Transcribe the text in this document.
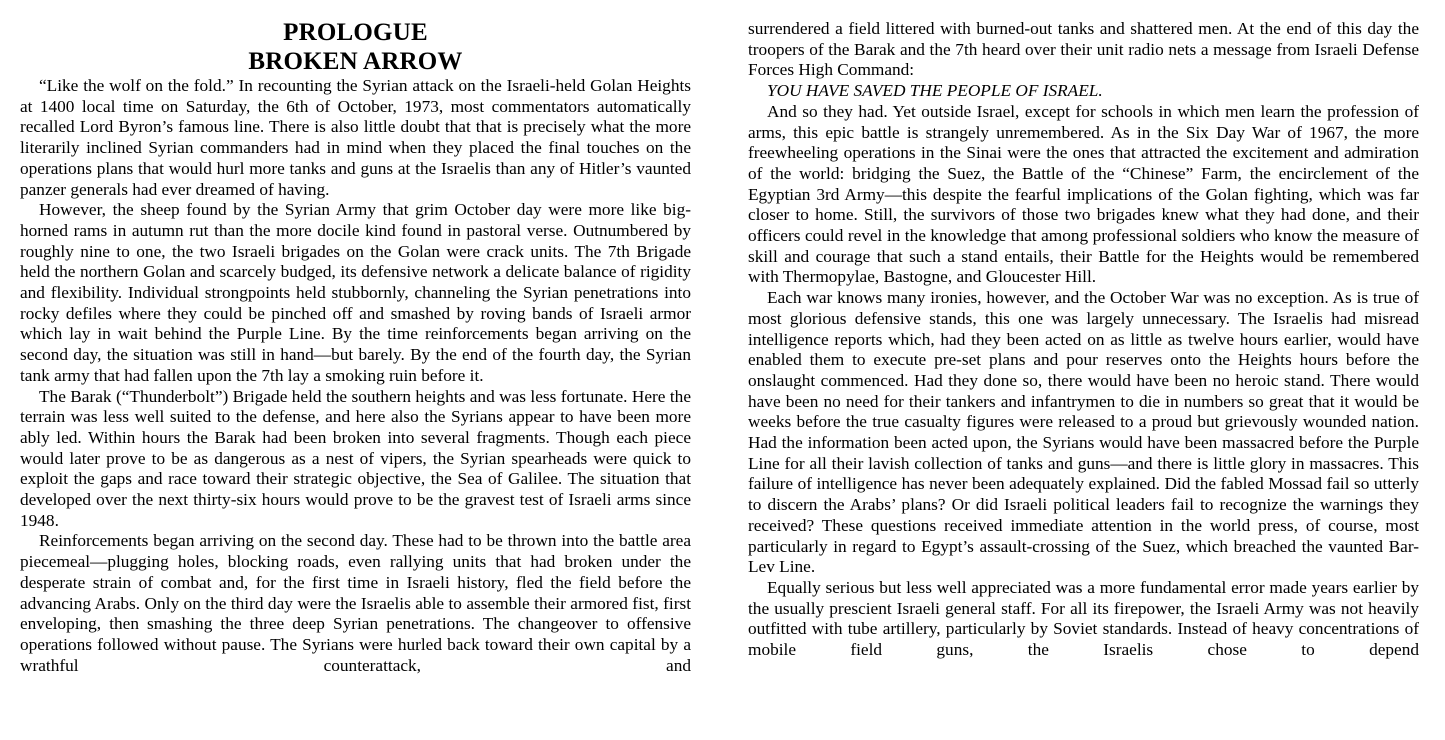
PROLOGUE
BROKEN ARROW

“Like the wolf on the fold.” In recounting the Syrian attack on the Israeli-held Golan Heights at 1400 local time on Saturday, the 6th of October, 1973, most commentators automatically recalled Lord Byron’s famous line. There is also little doubt that that is precisely what the more literarily inclined Syrian commanders had in mind when they placed the final touches on the operations plans that would hurl more tanks and guns at the Israelis than any of Hitler’s vaunted panzer generals had ever dreamed of having.

However, the sheep found by the Syrian Army that grim October day were more like big-horned rams in autumn rut than the more docile kind found in pastoral verse. Outnumbered by roughly nine to one, the two Israeli brigades on the Golan were crack units. The 7th Brigade held the northern Golan and scarcely budged, its defensive network a delicate balance of rigidity and flexibility. Individual strongpoints held stubbornly, channeling the Syrian penetrations into rocky defiles where they could be pinched off and smashed by roving bands of Israeli armor which lay in wait behind the Purple Line. By the time reinforcements began arriving on the second day, the situation was still in hand—but barely. By the end of the fourth day, the Syrian tank army that had fallen upon the 7th lay a smoking ruin before it.

The Barak (“Thunderbolt”) Brigade held the southern heights and was less fortunate. Here the terrain was less well suited to the defense, and here also the Syrians appear to have been more ably led. Within hours the Barak had been broken into several fragments. Though each piece would later prove to be as dangerous as a nest of vipers, the Syrian spearheads were quick to exploit the gaps and race toward their strategic objective, the Sea of Galilee. The situation that developed over the next thirty-six hours would prove to be the gravest test of Israeli arms since 1948.

Reinforcements began arriving on the second day. These had to be thrown into the battle area piecemeal—plugging holes, blocking roads, even rallying units that had broken under the desperate strain of combat and, for the first time in Israeli history, fled the field before the advancing Arabs. Only on the third day were the Israelis able to assemble their armored fist, first enveloping, then smashing the three deep Syrian penetrations. The changeover to offensive operations followed without pause. The Syrians were hurled back toward their own capital by a wrathful counterattack, and

surrendered a field littered with burned-out tanks and shattered men. At the end of this day the troopers of the Barak and the 7th heard over their unit radio nets a message from Israeli Defense Forces High Command:

YOU HAVE SAVED THE PEOPLE OF ISRAEL.

And so they had. Yet outside Israel, except for schools in which men learn the profession of arms, this epic battle is strangely unremembered. As in the Six Day War of 1967, the more freewheeling operations in the Sinai were the ones that attracted the excitement and admiration of the world: bridging the Suez, the Battle of the “Chinese” Farm, the encirclement of the Egyptian 3rd Army—this despite the fearful implications of the Golan fighting, which was far closer to home. Still, the survivors of those two brigades knew what they had done, and their officers could revel in the knowledge that among professional soldiers who know the measure of skill and courage that such a stand entails, their Battle for the Heights would be remembered with Thermopylae, Bastogne, and Gloucester Hill.

Each war knows many ironies, however, and the October War was no exception. As is true of most glorious defensive stands, this one was largely unnecessary. The Israelis had misread intelligence reports which, had they been acted on as little as twelve hours earlier, would have enabled them to execute pre-set plans and pour reserves onto the Heights hours before the onslaught commenced. Had they done so, there would have been no heroic stand. There would have been no need for their tankers and infantrymen to die in numbers so great that it would be weeks before the true casualty figures were released to a proud but grievously wounded nation. Had the information been acted upon, the Syrians would have been massacred before the Purple Line for all their lavish collection of tanks and guns—and there is little glory in massacres. This failure of intelligence has never been adequately explained. Did the fabled Mossad fail so utterly to discern the Arabs’ plans? Or did Israeli political leaders fail to recognize the warnings they received? These questions received immediate attention in the world press, of course, most particularly in regard to Egypt’s assault-crossing of the Suez, which breached the vaunted Bar-Lev Line.

Equally serious but less well appreciated was a more fundamental error made years earlier by the usually prescient Israeli general staff. For all its firepower, the Israeli Army was not heavily outfitted with tube artillery, particularly by Soviet standards. Instead of heavy concentrations of mobile field guns, the Israelis chose to depend
